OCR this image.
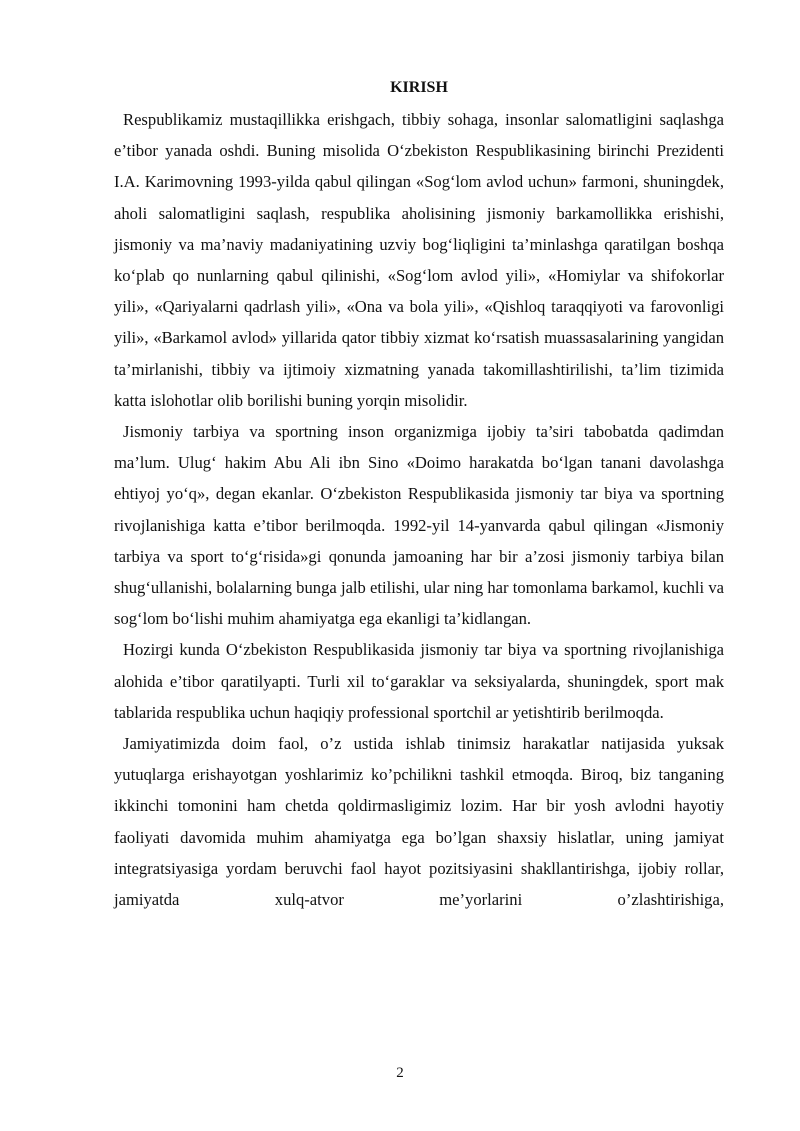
KIRISH

Respublikamiz mustaqillikka erishgach, tibbiy sohaga, insonlar salomatligini saqlashga e’tibor yanada oshdi. Buning misolida O‘zbekiston Respublikasining birinchi Prezidenti I.A. Karimovning 1993-yilda qabul qilingan «Sog‘lom avlod uchun» farmoni, shuningdek, aholi salomatligini saqlash, respublika aholisining jismoniy barkamollikka erishishi, jismoniy va ma’naviy madaniyatining uzviy bog‘liqligini ta’minlashga qaratilgan boshqa ko‘plab qo nunlarning qabul qilinishi, «Sog‘lom avlod yili», «Homiylar va shifokorlar yili», «Qariyalarni qadrlash yili», «Ona va bola yili», «Qishloq taraqqiyoti va farovonligi yili», «Barkamol avlod» yillarida qator tibbiy xizmat ko‘rsatish muassasalarining yangidan ta’mirlanishi, tibbiy va ijtimoiy xizmatning yanada takomillashtirilishi, ta’lim tizimida katta islohotlar olib borilishi buning yorqin misolidir.

Jismoniy tarbiya va sportning inson organizmiga ijobiy ta’siri tabobatda qadimdan ma’lum. Ulug‘ hakim Abu Ali ibn Sino «Doimo harakatda bo‘lgan tanani davolashga ehtiyoj yo‘q», degan ekanlar. O‘zbekiston Respublikasida jismoniy tar biya va sportning rivojlanishiga katta e’tibor berilmoqda. 1992-yil 14-yanvarda qabul qilingan «Jismoniy tarbiya va sport to‘g‘risida»gi qonunda jamoaning har bir a’zosi jismoniy tarbiya bilan shug‘ullanishi, bolalarning bunga jalb etilishi, ular ning har tomonlama barkamol, kuchli va sog‘lom bo‘lishi muhim ahamiyatga ega ekanligi ta’kidlangan.

Hozirgi kunda O‘zbekiston Respublikasida jismoniy tar biya va sportning rivojlanishiga alohida e’tibor qaratilyapti. Turli xil to‘garaklar va seksiyalarda, shuningdek, sport mak tablarida respublika uchun haqiqiy professional sportchil ar yetishtirib berilmoqda.

Jamiyatimizda doim faol, o’z ustida ishlab tinimsiz harakatlar natijasida yuksak yutuqlarga erishayotgan yoshlarimiz ko’pchilikni tashkil etmoqda. Biroq, biz tanganing ikkinchi tomonini ham chetda qoldirmasligimiz lozim. Har bir yosh avlodni hayotiy faoliyati davomida muhim ahamiyatga ega bo’lgan shaxsiy hislatlar, uning jamiyat integratsiyasiga yordam beruvchi faol hayot pozitsiyasini shakllantirishga, ijobiy rollar, jamiyatda xulq-atvor me’yorlarini o’zlashtirishiga,

2
